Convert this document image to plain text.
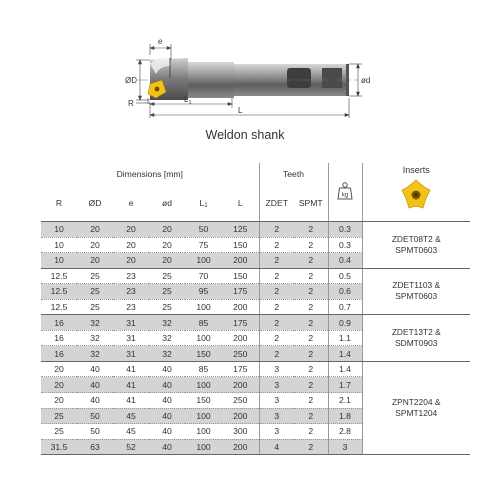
e
ØD	ød
R	$L_1$
L
Weldon shank
Dimensions [mm]						Teeth		kg	Inserts

R	ØD	e	ød	L1	L	ZDET	SPMT		
10	20	20	20	50	125	2	2	0.3	ZDET08T2 &
SPMT0603

10	20	20	20	75	150	2	2	0.3	
10	20	20	20	100	200	2	2	0.4	
12.5	25	23	25	70	150	2	2	0.5	ZDET1103 &
SPMT0603

12.5	25	23	25	95	175	2	2	0.6	
12.5	25	23	25	100	200	2	2	0.7	
16	32	31	32	85	175	2	2	0.9	ZDET13T2 &
SDMT0903

16	32	31	32	100	200	2	2	1.1	
16	32	31	32	150	250	2	2	1.4	
20	40	41	40	85	175	3	2	1.4	ZPNT2204 &
SPMT1204

20	40	41	40	100	200	3	2	1.7	
20	40	41	40	150	250	3	2	2.1	
25	50	45	40	100	200	3	2	1.8	
25	50	45	40	100	300	3	2	2.8	
31.5	63	52	40	100	200	4	2	3	
